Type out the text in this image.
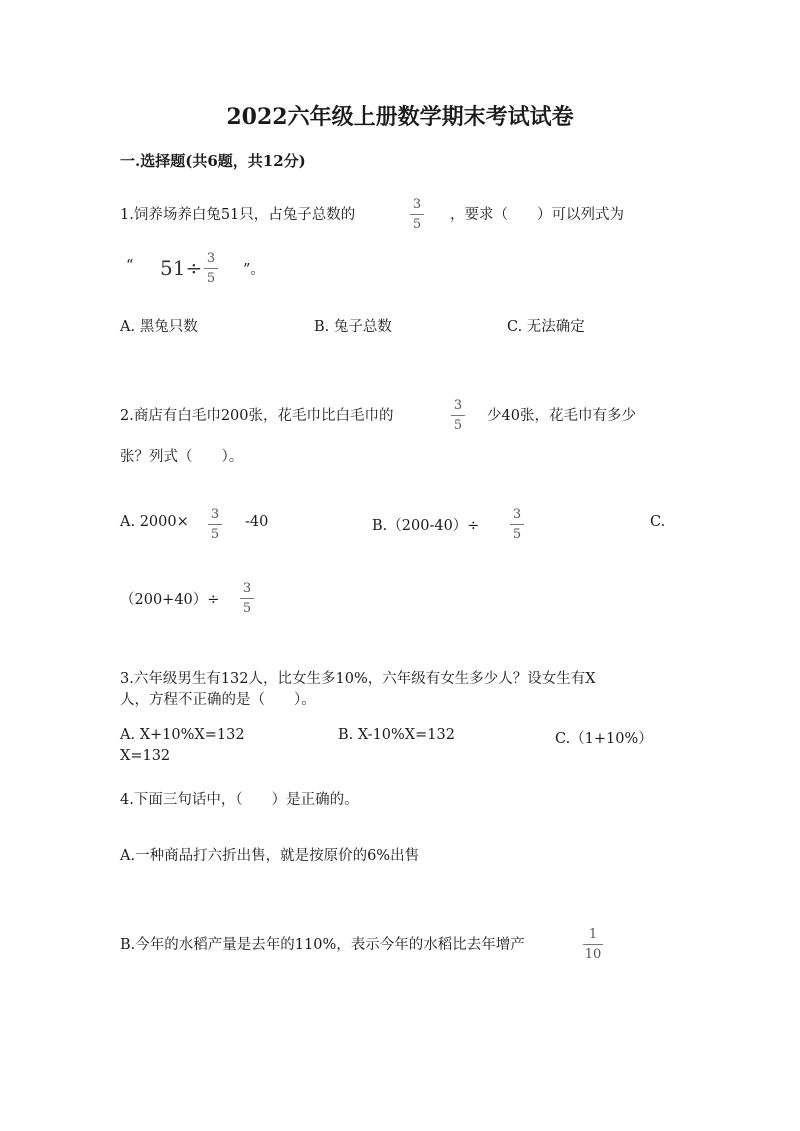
2022六年级上册数学期末考试试卷
一.选择题(共6题，共12分)
1.饲养场养白兔51只，占兔子总数的
3
5
，要求（　　）可以列式为
“ 51÷ 3
5
”。
A. 黑兔只数	B. 兔子总数	C. 无法确定
2.商店有白毛巾200张，花毛巾比白毛巾的
3
5
少40张，花毛巾有多少
张？列式（　　）。
A. 2000× 3
5
-40	B.（200-40）÷
3
5
C.
（200+40）÷
3
5
3.六年级男生有132人，比女生多10%，六年级有女生多少人？设女生有X
人，方程不正确的是（　　）。
A. X+10%X=132	B. X-10%X=132	C.（1+10%）
X=132
4.下面三句话中，（　　）是正确的。
A.一种商品打六折出售，就是按原价的6%出售
B.今年的水稻产量是去年的110%，表示今年的水稻比去年增产
1
10
